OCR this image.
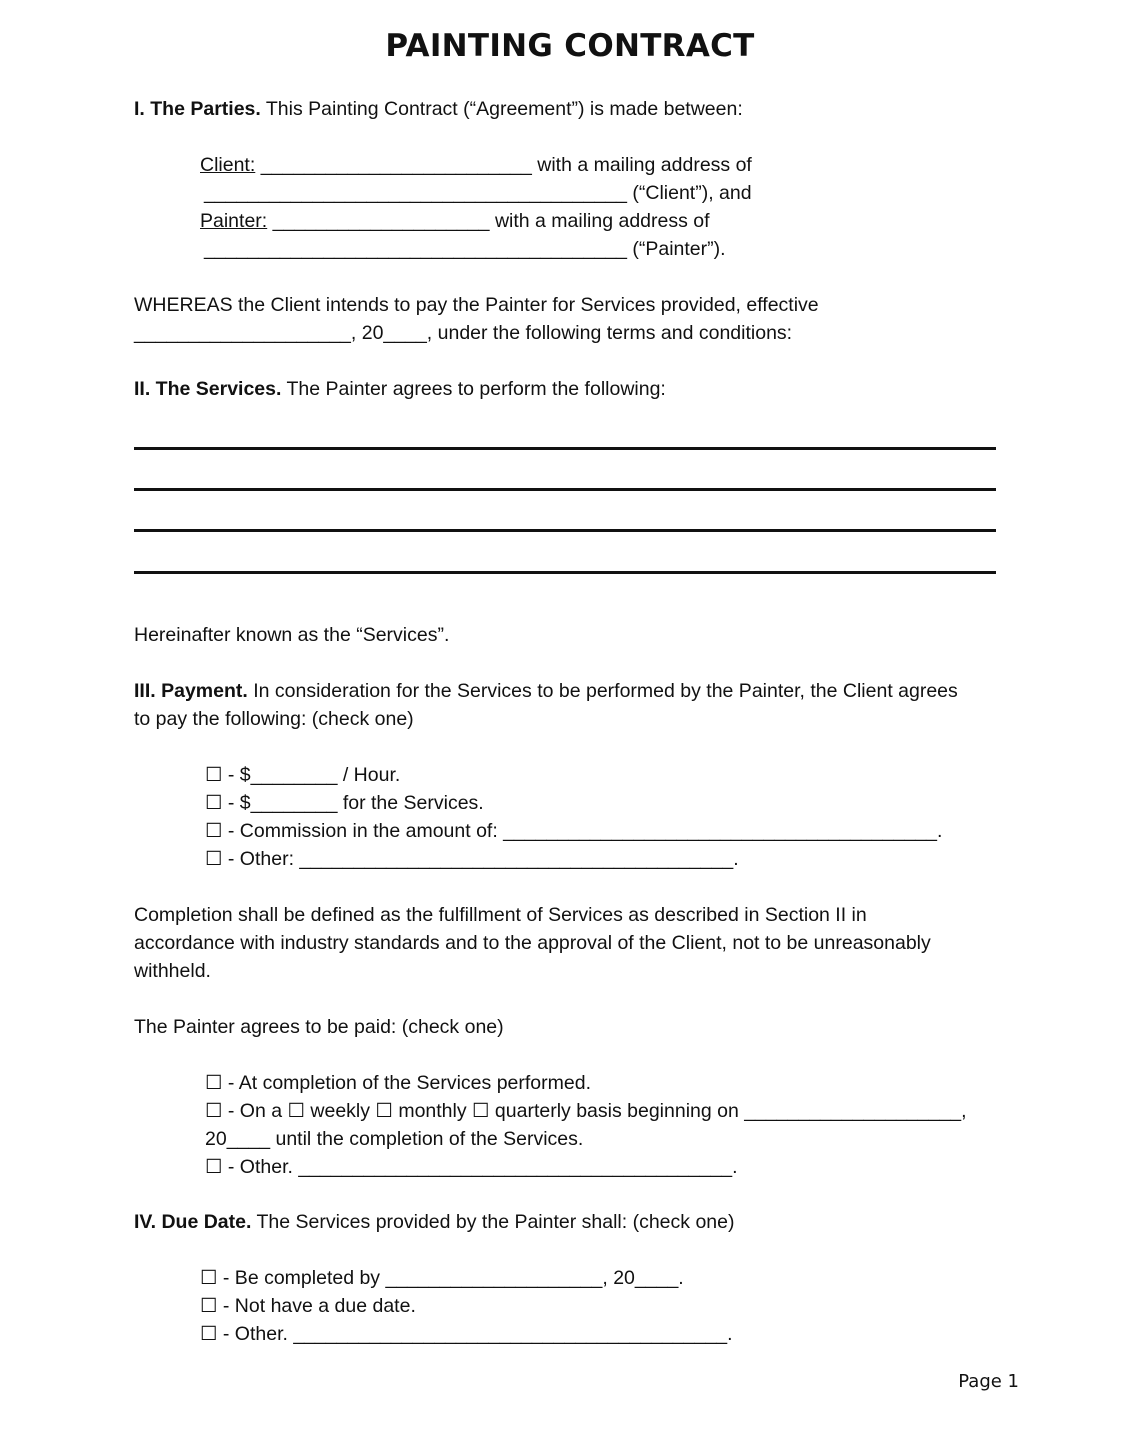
PAINTING CONTRACT
I. The Parties. This Painting Contract (“Agreement”) is made between:
Client: _________________________ with a mailing address of
_______________________________________ (“Client”), and
Painter: ____________________ with a mailing address of
_______________________________________ (“Painter”).
WHEREAS the Client intends to pay the Painter for Services provided, effective
____________________, 20____, under the following terms and conditions:
II. The Services. The Painter agrees to perform the following:
Hereinafter known as the “Services”.
III. Payment. In consideration for the Services to be performed by the Painter, the Client agrees
to pay the following: (check one)
☐ - $________ / Hour.
☐ - $________ for the Services.
☐ - Commission in the amount of: ________________________________________.
☐ - Other: ________________________________________.
Completion shall be defined as the fulfillment of Services as described in Section II in
accordance with industry standards and to the approval of the Client, not to be unreasonably
withheld.
The Painter agrees to be paid: (check one)
☐ - At completion of the Services performed.
☐ - On a ☐ weekly ☐ monthly ☐ quarterly basis beginning on ____________________,
20____ until the completion of the Services.
☐ - Other. ________________________________________.
IV. Due Date. The Services provided by the Painter shall: (check one)
☐ - Be completed by ____________________, 20____.
☐ - Not have a due date.
☐ - Other. ________________________________________.
Page 1
